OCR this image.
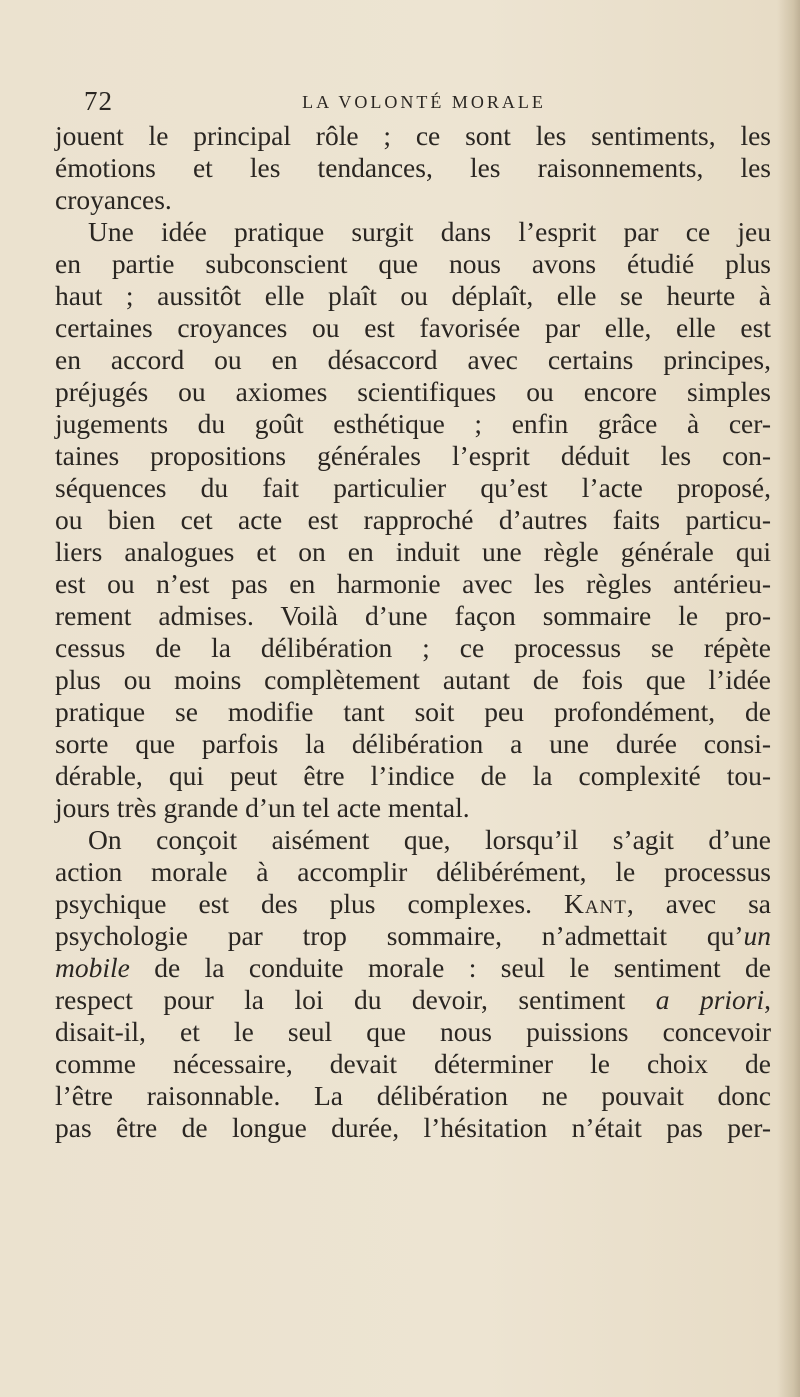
72	LA VOLONTÉ MORALE
jouent le principal rôle ; ce sont les sentiments, les
émotions et les tendances, les raisonnements, les
croyances.
Une idée pratique surgit dans l’esprit par ce jeu
en partie subconscient que nous avons étudié plus
haut ; aussitôt elle plaît ou déplaît, elle se heurte à
certaines croyances ou est favorisée par elle, elle est
en accord ou en désaccord avec certains principes,
préjugés ou axiomes scientifiques ou encore simples
jugements du goût esthétique ; enfin grâce à cer-
taines propositions générales l’esprit déduit les con-
séquences du fait particulier qu’est l’acte proposé,
ou bien cet acte est rapproché d’autres faits particu-
liers analogues et on en induit une règle générale qui
est ou n’est pas en harmonie avec les règles antérieu-
rement admises. Voilà d’une façon sommaire le pro-
cessus de la délibération ; ce processus se répète
plus ou moins complètement autant de fois que l’idée
pratique se modifie tant soit peu profondément, de
sorte que parfois la délibération a une durée consi-
dérable, qui peut être l’indice de la complexité tou-
jours très grande d’un tel acte mental.
On conçoit aisément que, lorsqu’il s’agit d’une
action morale à accomplir délibérément, le processus
psychique est des plus complexes. Kant, avec sa
psychologie par trop sommaire, n’admettait qu’un
mobile de la conduite morale : seul le sentiment de
respect pour la loi du devoir, sentiment a priori,
disait-il, et le seul que nous puissions concevoir
comme nécessaire, devait déterminer le choix de
l’être raisonnable. La délibération ne pouvait donc
pas être de longue durée, l’hésitation n’était pas per-
